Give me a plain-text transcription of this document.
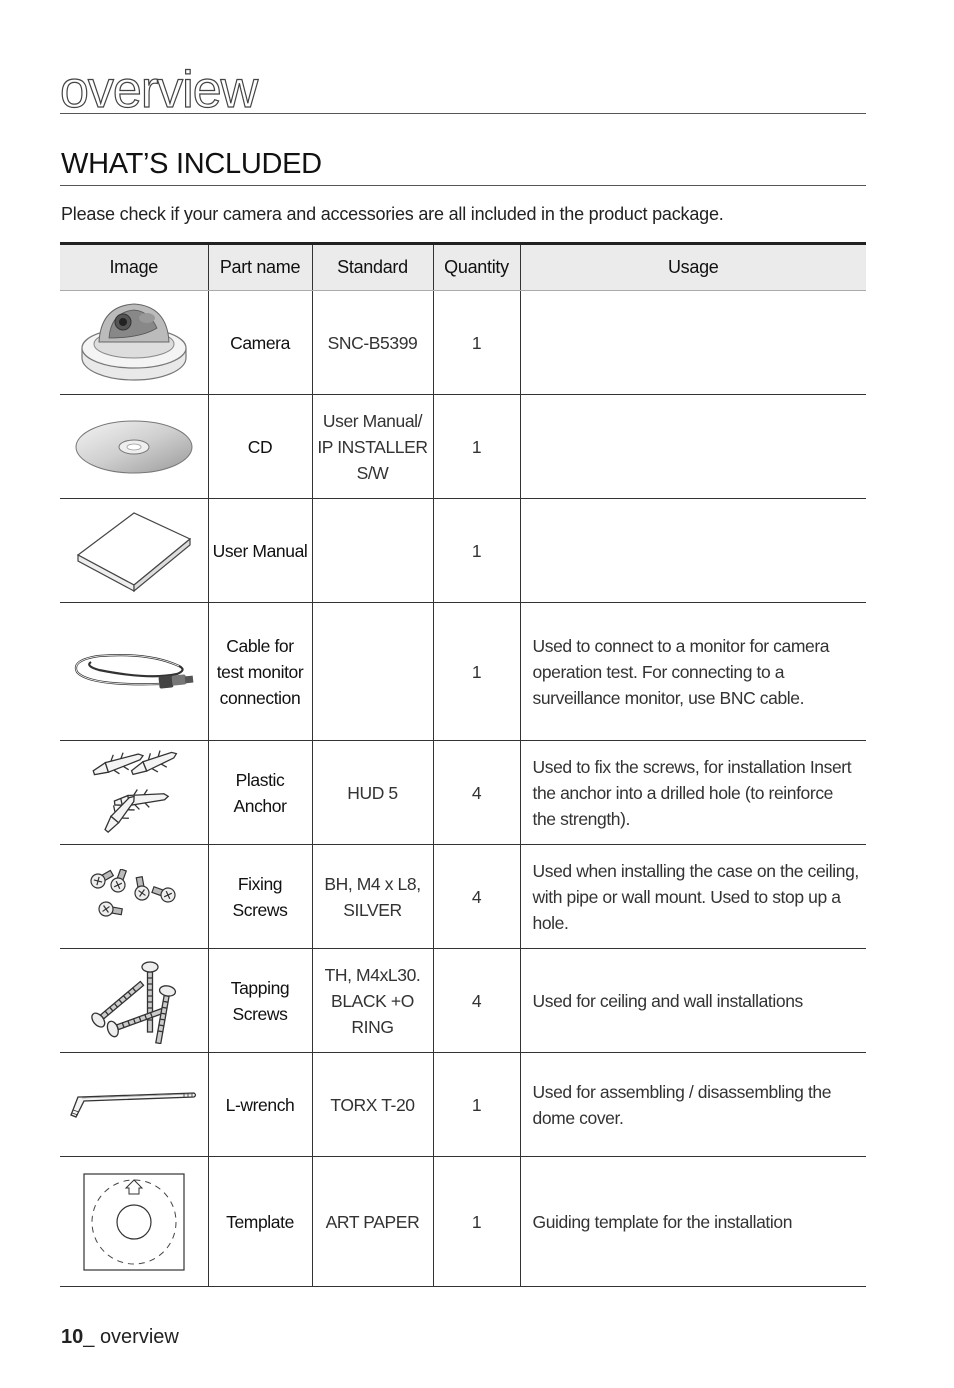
overview
WHAT’S INCLUDED
Please check if your camera and accessories are all included in the product package.
Image	Part name	Standard	Quantity	Usage

	Camera	SNC-B5399	1	

	CD	User Manual/ IP INSTALLER S/W	1	

	User Manual		1	

	Cable for test monitor connection		1	Used to connect to a monitor for camera operation test. For connecting to a surveillance monitor, use BNC cable.

	Plastic Anchor	HUD 5	4	Used to fix the screws, for installation Insert the anchor into a drilled hole (to reinforce the strength).

	Fixing Screws	BH, M4 x L8, SILVER	4	Used when installing the case on the ceiling, with pipe or wall mount. Used to stop up a hole.

	Tapping Screws	TH, M4xL30. BLACK +O RING	4	Used for ceiling and wall installations

	L-wrench	TORX T-20	1	Used for assembling / disassembling the dome cover.

	Template	ART PAPER	1	Guiding template for the installation
10_ overview
